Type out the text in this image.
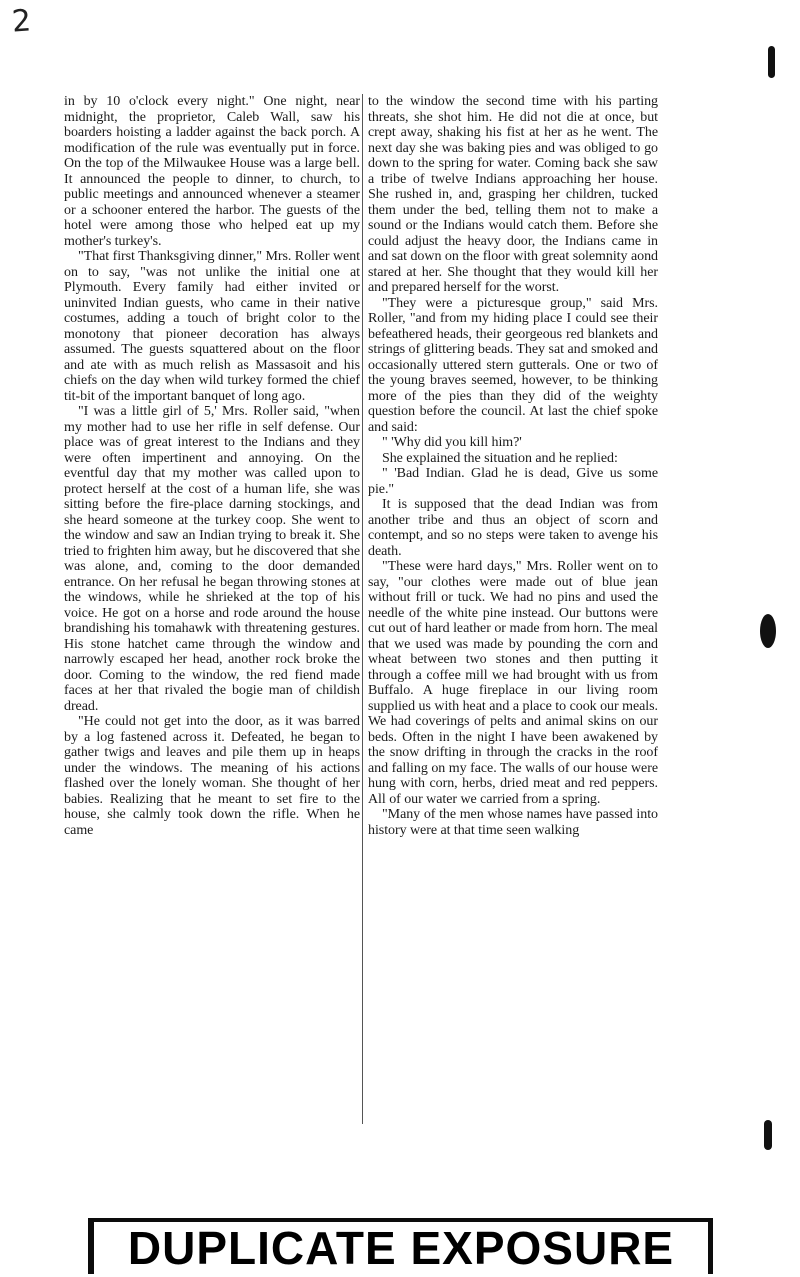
2

in by 10 o'clock every night." One night, near midnight, the proprietor, Caleb Wall, saw his boarders hoisting a ladder against the back porch. A modification of the rule was eventually put in force. On the top of the Milwaukee House was a large bell. It announced the people to dinner, to church, to public meetings and announced whenever a steamer or a schooner entered the harbor. The guests of the hotel were among those who helped eat up my mother's turkey's.

"That first Thanksgiving dinner," Mrs. Roller went on to say, "was not unlike the initial one at Plymouth. Every family had either invited or uninvited Indian guests, who came in their native costumes, adding a touch of bright color to the monotony that pioneer decoration has always assumed. The guests squattered about on the floor and ate with as much relish as Massasoit and his chiefs on the day when wild turkey formed the chief tit-bit of the important banquet of long ago.

"I was a little girl of 5,' Mrs. Roller said, "when my mother had to use her rifle in self defense. Our place was of great interest to the Indians and they were often impertinent and annoying. On the eventful day that my mother was called upon to protect herself at the cost of a human life, she was sitting before the fire-place darning stockings, and she heard someone at the turkey coop. She went to the window and saw an Indian trying to break it. She tried to frighten him away, but he discovered that she was alone, and, coming to the door demanded entrance. On her refusal he began throwing stones at the windows, while he shrieked at the top of his voice. He got on a horse and rode around the house brandishing his tomahawk with threatening gestures. His stone hatchet came through the window and narrowly escaped her head, another rock broke the door. Coming to the window, the red fiend made faces at her that rivaled the bogie man of childish dread.

"He could not get into the door, as it was barred by a log fastened across it. Defeated, he began to gather twigs and leaves and pile them up in heaps under the windows. The meaning of his actions flashed over the lonely woman. She thought of her babies. Realizing that he meant to set fire to the house, she calmly took down the rifle. When he came

to the window the second time with his parting threats, she shot him. He did not die at once, but crept away, shaking his fist at her as he went. The next day she was baking pies and was obliged to go down to the spring for water. Coming back she saw a tribe of twelve Indians approaching her house. She rushed in, and, grasping her children, tucked them under the bed, telling them not to make a sound or the Indians would catch them. Before she could adjust the heavy door, the Indians came in and sat down on the floor with great solemnity aond stared at her. She thought that they would kill her and prepared herself for the worst.

"They were a picturesque group," said Mrs. Roller, "and from my hiding place I could see their befeathered heads, their georgeous red blankets and strings of glittering beads. They sat and smoked and occasionally uttered stern gutterals. One or two of the young braves seemed, however, to be thinking more of the pies than they did of the weighty question before the council. At last the chief spoke and said:

" 'Why did you kill him?'

She explained the situation and he replied:

" 'Bad Indian. Glad he is dead, Give us some pie."

It is supposed that the dead Indian was from another tribe and thus an object of scorn and contempt, and so no steps were taken to avenge his death.

"These were hard days," Mrs. Roller went on to say, "our clothes were made out of blue jean without frill or tuck. We had no pins and used the needle of the white pine instead. Our buttons were cut out of hard leather or made from horn. The meal that we used was made by pounding the corn and wheat between two stones and then putting it through a coffee mill we had brought with us from Buffalo. A huge fireplace in our living room supplied us with heat and a place to cook our meals. We had coverings of pelts and animal skins on our beds. Often in the night I have been awakened by the snow drifting in through the cracks in the roof and falling on my face. The walls of our house were hung with corn, herbs, dried meat and red peppers. All of our water we carried from a spring.

"Many of the men whose names have passed into history were at that time seen walking

DUPLICATE EXPOSURE
